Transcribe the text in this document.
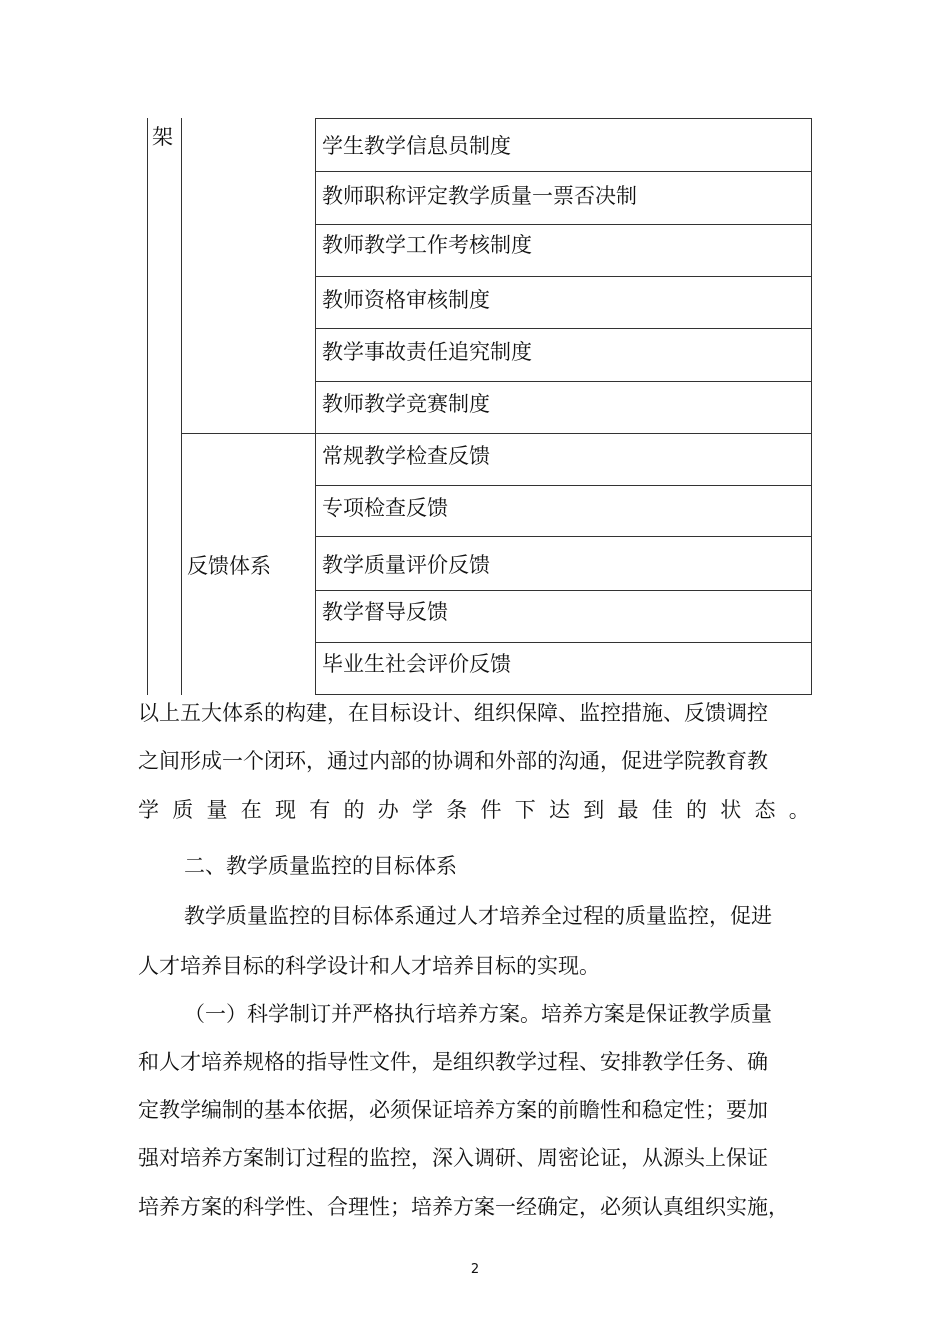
架	学生教学信息员制度
教师职称评定教学质量一票否决制
教师教学工作考核制度
教师资格审核制度
教学事故责任追究制度
教师教学竞赛制度
反馈体系
常规教学检查反馈
专项检查反馈
教学质量评价反馈
教学督导反馈
毕业生社会评价反馈
以上五大体系的构建，在目标设计、组织保障、监控措施、反馈调控
之间形成一个闭环，通过内部的协调和外部的沟通，促进学院教育教
学 质 量 在 现 有 的 办 学 条 件 下 达 到 最 佳 的 状 态 。
二、教学质量监控的目标体系
教学质量监控的目标体系通过人才培养全过程的质量监控，促进
人才培养目标的科学设计和人才培养目标的实现。
（一）科学制订并严格执行培养方案。培养方案是保证教学质量
和人才培养规格的指导性文件，是组织教学过程、安排教学任务、确
定教学编制的基本依据，必须保证培养方案的前瞻性和稳定性；要加
强对培养方案制订过程的监控，深入调研、周密论证，从源头上保证
培养方案的科学性、合理性；培养方案一经确定，必须认真组织实施，
2
